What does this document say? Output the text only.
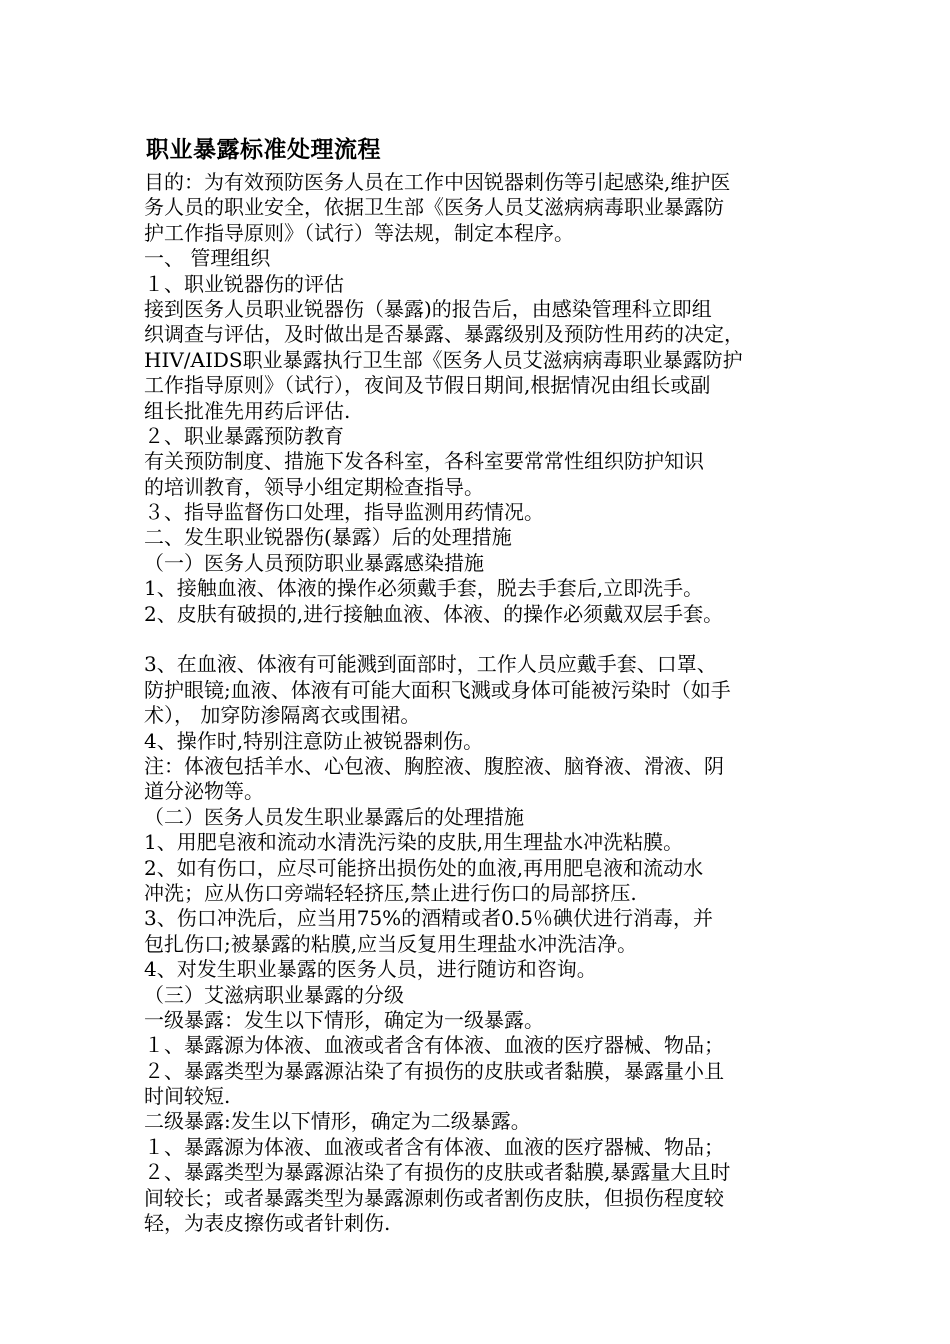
职业暴露标准处理流程
目的：为有效预防医务人员在工作中因锐器刺伤等引起感染,维护医
务人员的职业安全，依据卫生部《医务人员艾滋病病毒职业暴露防
护工作指导原则》（试行）等法规，制定本程序。
一、 管理组织
１、职业锐器伤的评估
接到医务人员职业锐器伤（暴露)的报告后，由感染管理科立即组
织调查与评估，及时做出是否暴露、暴露级别及预防性用药的决定，
HIV/AIDS职业暴露执行卫生部《医务人员艾滋病病毒职业暴露防护
工作指导原则》（试行），夜间及节假日期间,根据情况由组长或副
组长批准先用药后评估.
２、职业暴露预防教育
有关预防制度、措施下发各科室，各科室要常常性组织防护知识
的培训教育，领导小组定期检查指导。
３、指导监督伤口处理，指导监测用药情况。
二、发生职业锐器伤(暴露）后的处理措施
（一）医务人员预防职业暴露感染措施
1、接触血液、体液的操作必须戴手套，脱去手套后,立即洗手。
2、皮肤有破损的,进行接触血液、体液、的操作必须戴双层手套。
3、在血液、体液有可能溅到面部时，工作人员应戴手套、口罩、
防护眼镜;血液、体液有可能大面积飞溅或身体可能被污染时（如手
术）， 加穿防渗隔离衣或围裙。
4、操作时,特别注意防止被锐器刺伤。
注：体液包括羊水、心包液、胸腔液、腹腔液、脑脊液、滑液、阴
道分泌物等。
（二）医务人员发生职业暴露后的处理措施
1、用肥皂液和流动水清洗污染的皮肤,用生理盐水冲洗粘膜。
2、如有伤口，应尽可能挤出损伤处的血液,再用肥皂液和流动水
冲洗；应从伤口旁端轻轻挤压,禁止进行伤口的局部挤压.
3、伤口冲洗后，应当用75%的酒精或者0.5％碘伏进行消毒，并
包扎伤口;被暴露的粘膜,应当反复用生理盐水冲洗洁净。
4、对发生职业暴露的医务人员，进行随访和咨询。
（三）艾滋病职业暴露的分级
一级暴露：发生以下情形，确定为一级暴露。
１、暴露源为体液、血液或者含有体液、血液的医疗器械、物品；
２、暴露类型为暴露源沾染了有损伤的皮肤或者黏膜，暴露量小且
时间较短.
二级暴露:发生以下情形，确定为二级暴露。
１、暴露源为体液、血液或者含有体液、血液的医疗器械、物品；
２、暴露类型为暴露源沾染了有损伤的皮肤或者黏膜,暴露量大且时
间较长；或者暴露类型为暴露源刺伤或者割伤皮肤，但损伤程度较
轻，为表皮擦伤或者针刺伤.
